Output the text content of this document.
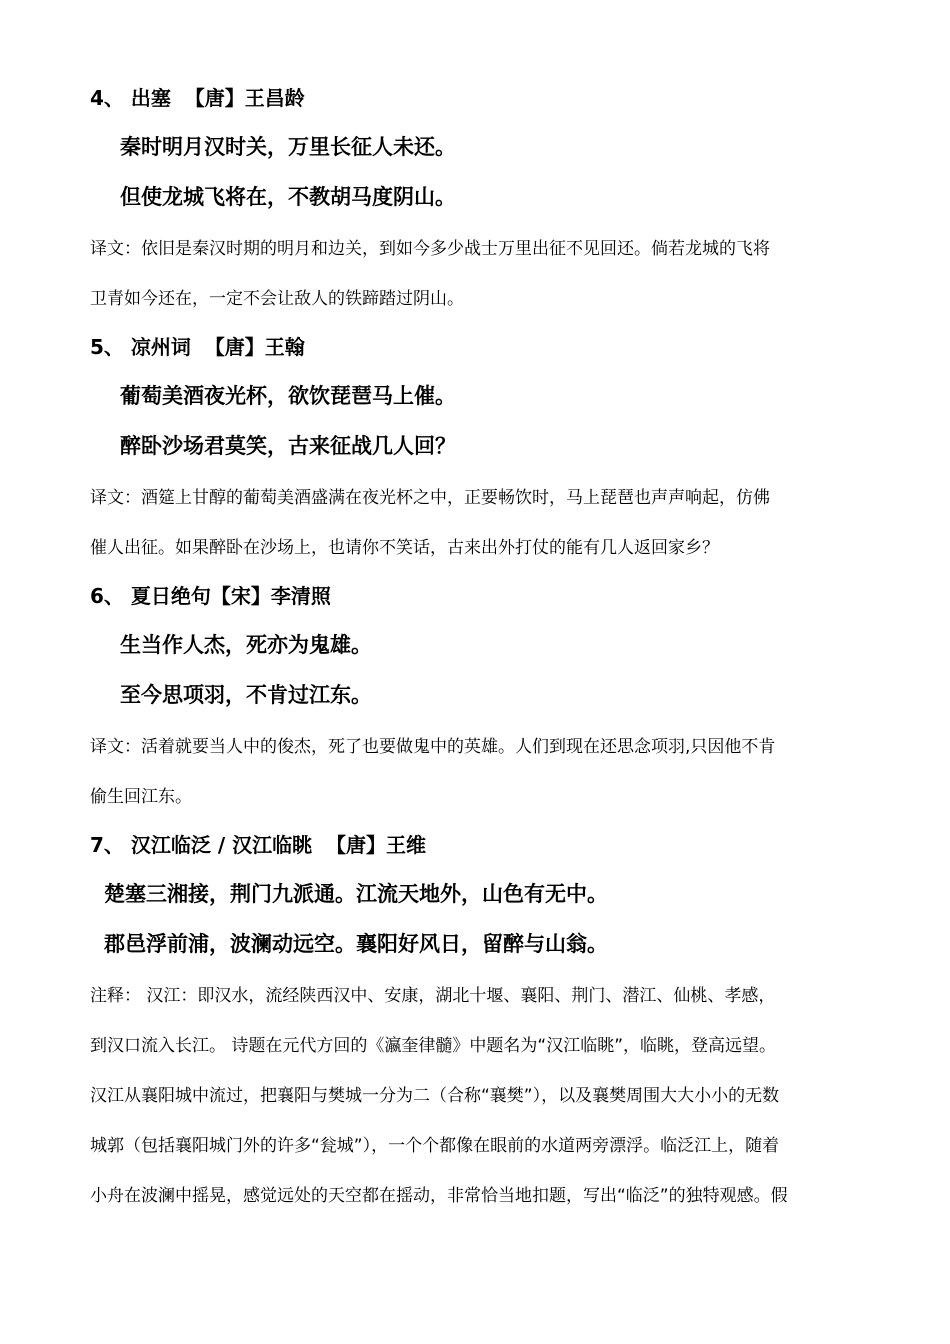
4、 出塞  【唐】王昌龄
秦时明月汉时关，万里长征人未还。
但使龙城飞将在，不教胡马度阴山。
译文：依旧是秦汉时期的明月和边关，到如今多少战士万里出征不见回还。倘若龙城的飞将
卫青如今还在，一定不会让敌人的铁蹄踏过阴山。
5、 凉州词  【唐】王翰
葡萄美酒夜光杯，欲饮琵琶马上催。
醉卧沙场君莫笑，古来征战几人回？
译文：酒筵上甘醇的葡萄美酒盛满在夜光杯之中，正要畅饮时，马上琵琶也声声响起，仿佛
催人出征。如果醉卧在沙场上，也请你不笑话，古来出外打仗的能有几人返回家乡？
6、 夏日绝句【宋】李清照
生当作人杰，死亦为鬼雄。
至今思项羽，不肯过江东。
译文：活着就要当人中的俊杰，死了也要做鬼中的英雄。人们到现在还思念项羽,只因他不肯
偷生回江东。
7、 汉江临泛 / 汉江临眺  【唐】王维
楚塞三湘接，荆门九派通。江流天地外，山色有无中。
郡邑浮前浦，波澜动远空。襄阳好风日，留醉与山翁。
注释： 汉江：即汉水，流经陕西汉中、安康，湖北十堰、襄阳、荆门、潜江、仙桃、孝感，
到汉口流入长江。 诗题在元代方回的《瀛奎律髓》中题名为“汉江临眺”，临眺，登高远望。
汉江从襄阳城中流过，把襄阳与樊城一分为二（合称“襄樊”），以及襄樊周围大大小小的无数
城郭（包括襄阳城门外的许多“瓮城”），一个个都像在眼前的水道两旁漂浮。临泛江上，随着
小舟在波澜中摇晃，感觉远处的天空都在摇动，非常恰当地扣题，写出“临泛”的独特观感。假
